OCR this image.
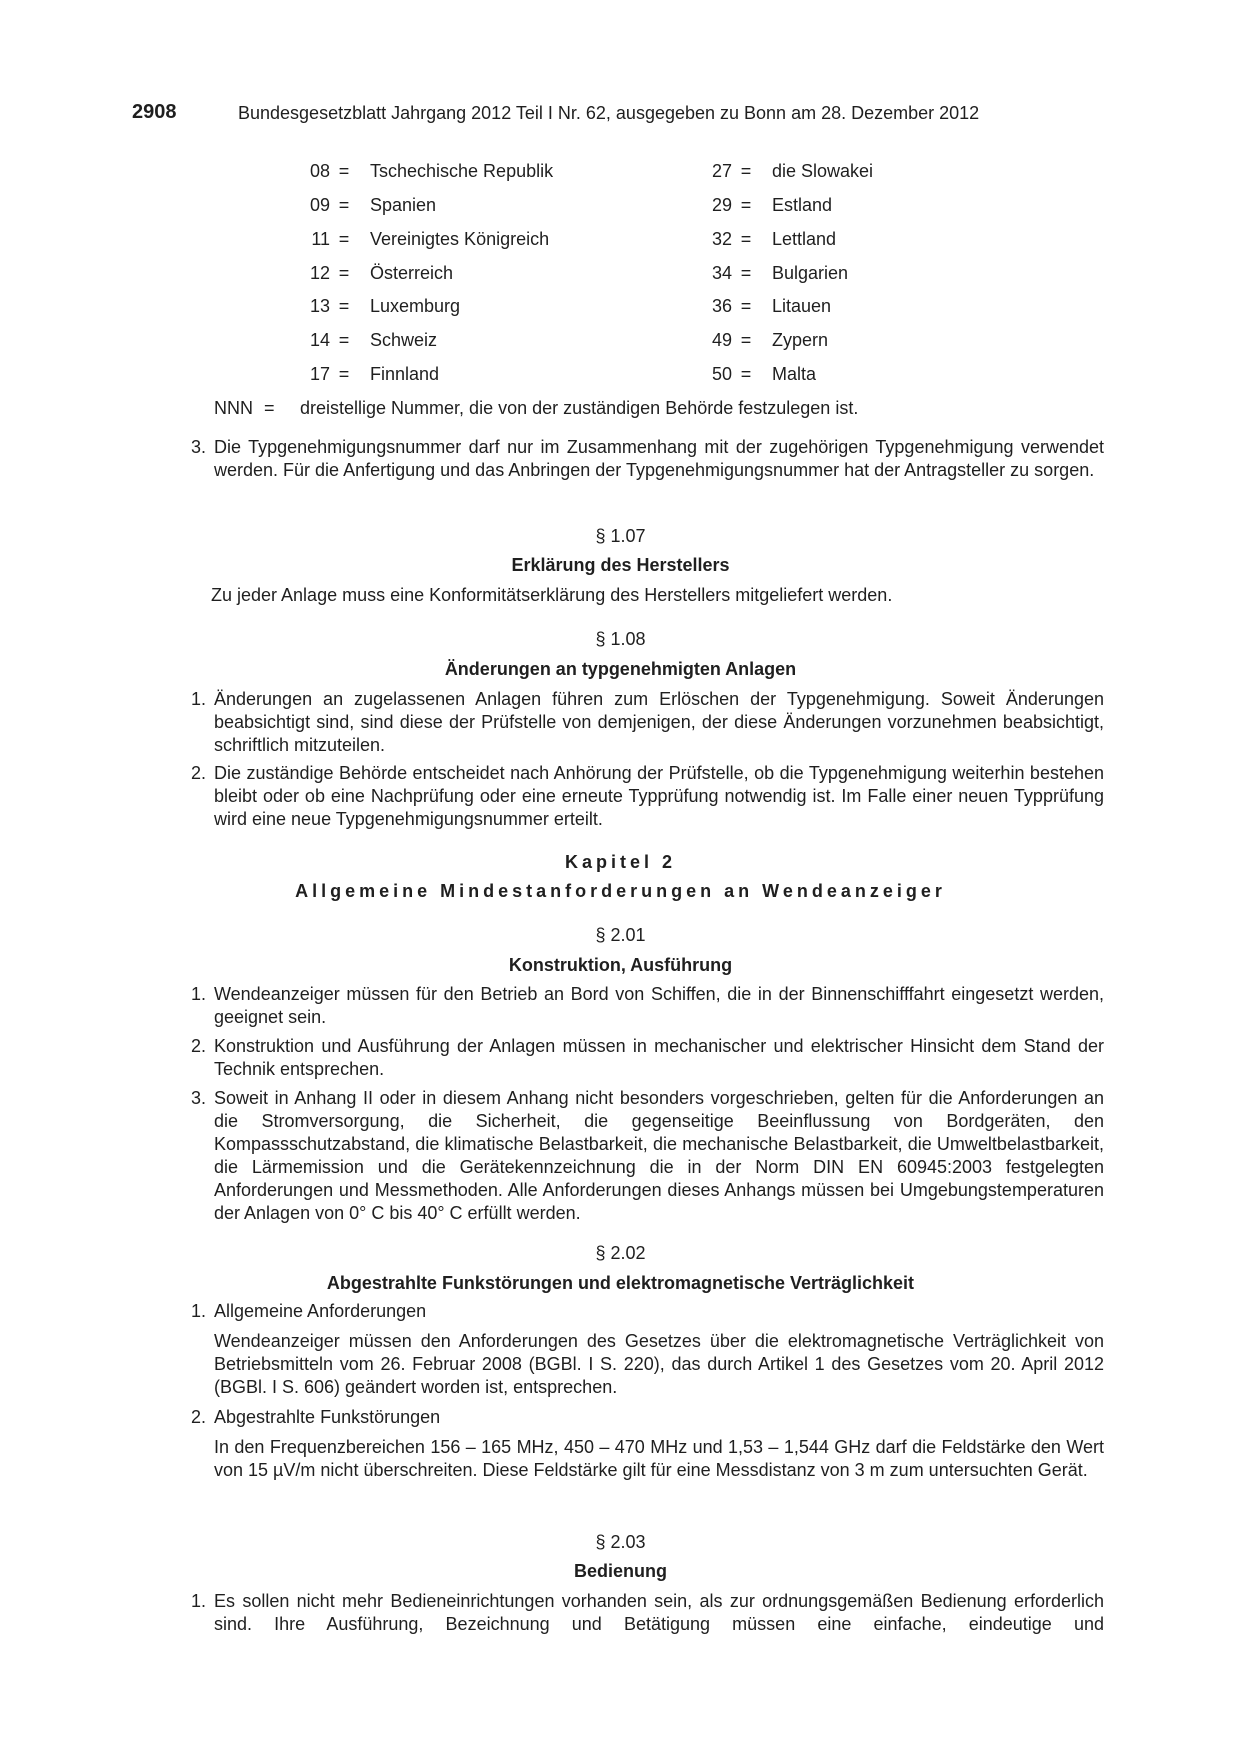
2908	Bundesgesetzblatt Jahrgang 2012 Teil I Nr. 62, ausgegeben zu Bonn am 28. Dezember 2012
08 = Tschechische Republik
09 = Spanien
11 = Vereinigtes Königreich
12 = Österreich
13 = Luxemburg
14 = Schweiz
17 = Finnland
27 = die Slowakei
29 = Estland
32 = Lettland
34 = Bulgarien
36 = Litauen
49 = Zypern
50 = Malta
NNN = dreistellige Nummer, die von der zuständigen Behörde festzulegen ist.
3. Die Typgenehmigungsnummer darf nur im Zusammenhang mit der zugehörigen Typgenehmigung verwendet werden. Für die Anfertigung und das Anbringen der Typgenehmigungsnummer hat der Antragsteller zu sorgen.

§ 1.07
Erklärung des Herstellers

Zu jeder Anlage muss eine Konformitätserklärung des Herstellers mitgeliefert werden.

§ 1.08
Änderungen an typgenehmigten Anlagen
1. Änderungen an zugelassenen Anlagen führen zum Erlöschen der Typgenehmigung. Soweit Änderungen beabsichtigt sind, sind diese der Prüfstelle von demjenigen, der diese Änderungen vorzunehmen beabsichtigt, schriftlich mitzuteilen.

2. Die zuständige Behörde entscheidet nach Anhörung der Prüfstelle, ob die Typgenehmigung weiterhin bestehen bleibt oder ob eine Nachprüfung oder eine erneute Typprüfung notwendig ist. Im Falle einer neuen Typprüfung wird eine neue Typgenehmigungsnummer erteilt.

Kapitel 2
Allgemeine Mindestanforderungen an Wendeanzeiger
§ 2.01
Konstruktion, Ausführung
1. Wendeanzeiger müssen für den Betrieb an Bord von Schiffen, die in der Binnenschifffahrt eingesetzt werden, geeignet sein.

2. Konstruktion und Ausführung der Anlagen müssen in mechanischer und elektrischer Hinsicht dem Stand der Technik entsprechen.

3. Soweit in Anhang II oder in diesem Anhang nicht besonders vorgeschrieben, gelten für die Anforderungen an die Stromversorgung, die Sicherheit, die gegenseitige Beeinflussung von Bordgeräten, den Kompassschutzabstand, die klimatische Belastbarkeit, die mechanische Belastbarkeit, die Umweltbelastbarkeit, die Lärmemission und die Gerätekennzeichnung die in der Norm DIN EN 60945:2003 festgelegten Anforderungen und Messmethoden. Alle Anforderungen dieses Anhangs müssen bei Umgebungstemperaturen der Anlagen von 0° C bis 40° C erfüllt werden.

§ 2.02
Abgestrahlte Funkstörungen und elektromagnetische Verträglichkeit
1. Allgemeine Anforderungen

Wendeanzeiger müssen den Anforderungen des Gesetzes über die elektromagnetische Verträglichkeit von Betriebsmitteln vom 26. Februar 2008 (BGBl. I S. 220), das durch Artikel 1 des Gesetzes vom 20. April 2012 (BGBl. I S. 606) geändert worden ist, entsprechen.

2. Abgestrahlte Funkstörungen

In den Frequenzbereichen 156 – 165 MHz, 450 – 470 MHz und 1,53 – 1,544 GHz darf die Feldstärke den Wert von 15 µV/m nicht überschreiten. Diese Feldstärke gilt für eine Messdistanz von 3 m zum untersuchten Gerät.

§ 2.03
Bedienung
1. Es sollen nicht mehr Bedieneinrichtungen vorhanden sein, als zur ordnungsgemäßen Bedienung erforderlich sind. Ihre Ausführung, Bezeichnung und Betätigung müssen eine einfache, eindeutige und
